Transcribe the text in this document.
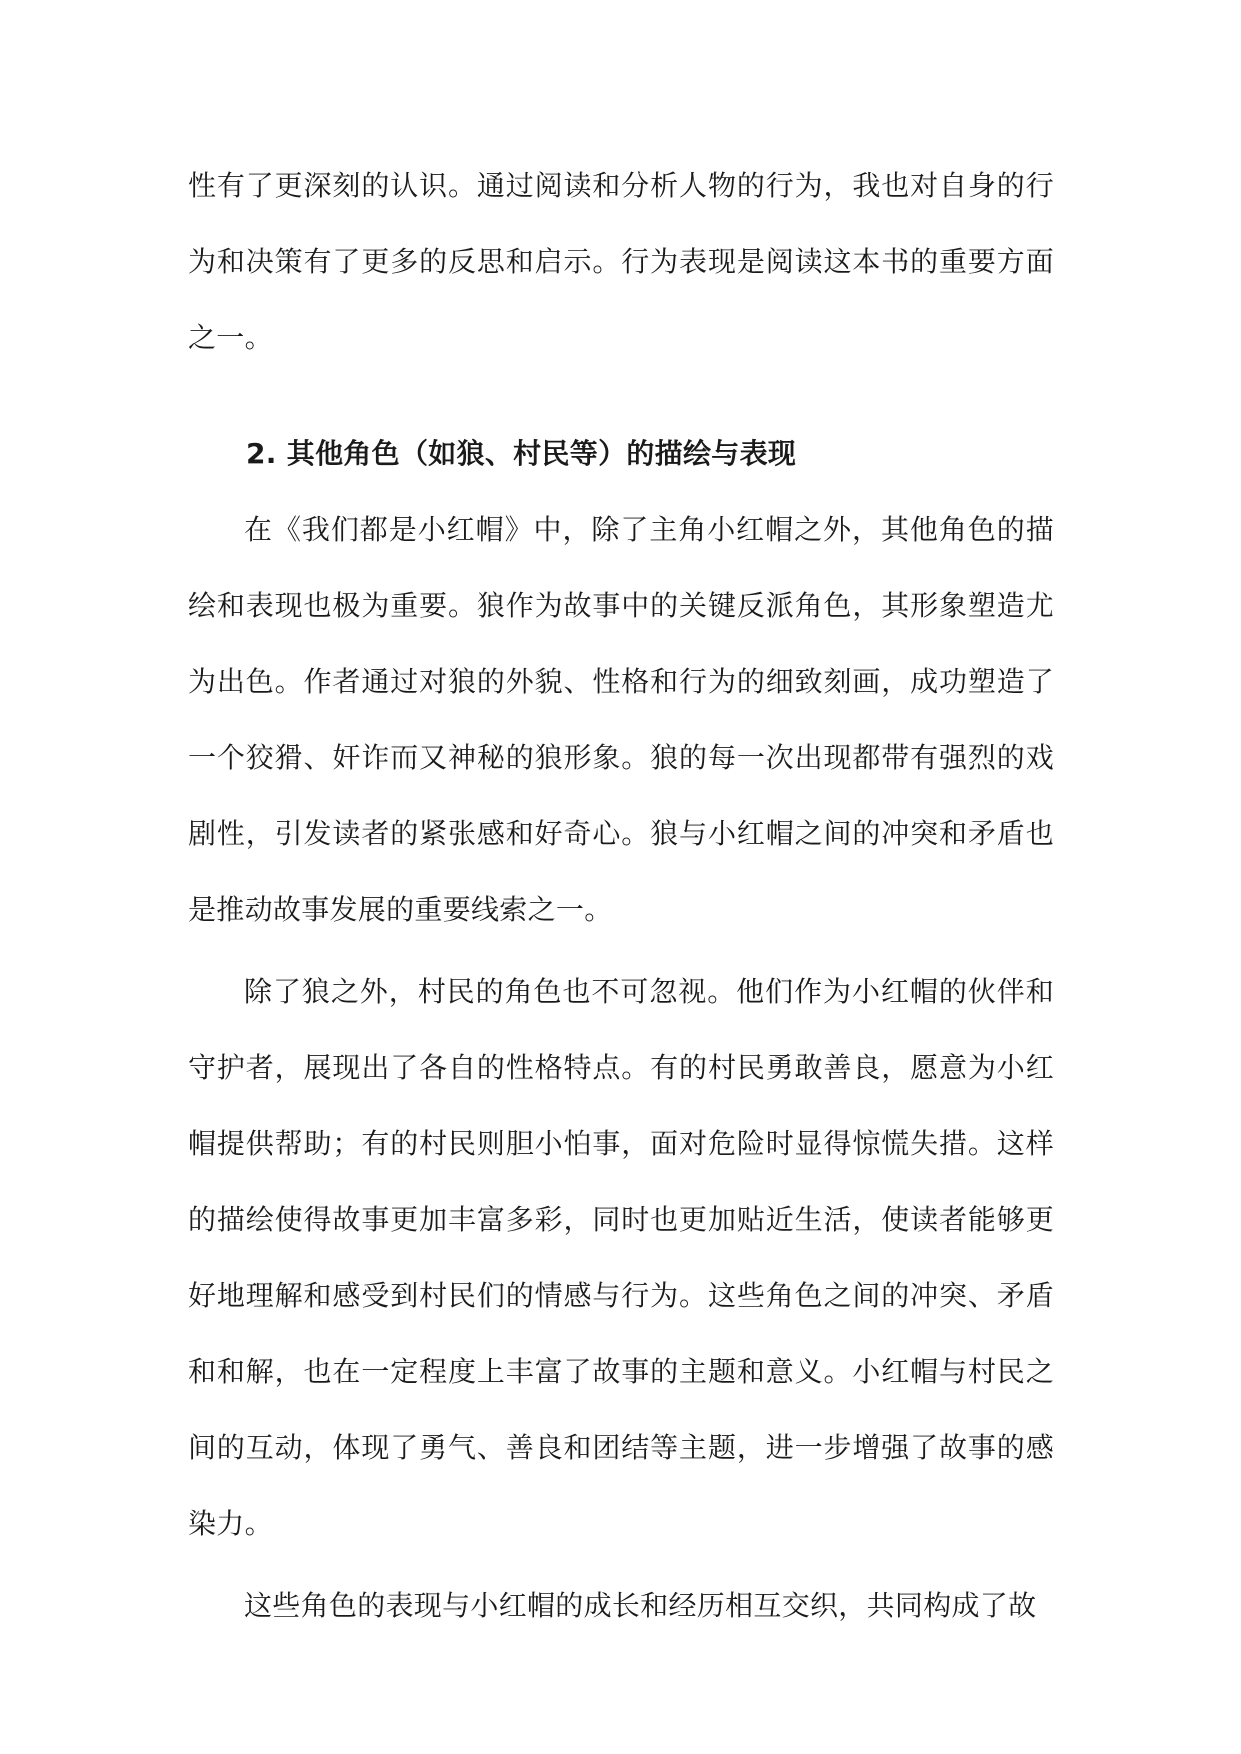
性有了更深刻的认识。通过阅读和分析人物的行为，我也对自身的行为和决策有了更多的反思和启示。行为表现是阅读这本书的重要方面之一。

2. 其他角色（如狼、村民等）的描绘与表现

在《我们都是小红帽》中，除了主角小红帽之外，其他角色的描绘和表现也极为重要。狼作为故事中的关键反派角色，其形象塑造尤为出色。作者通过对狼的外貌、性格和行为的细致刻画，成功塑造了一个狡猾、奸诈而又神秘的狼形象。狼的每一次出现都带有强烈的戏剧性，引发读者的紧张感和好奇心。狼与小红帽之间的冲突和矛盾也是推动故事发展的重要线索之一。

除了狼之外，村民的角色也不可忽视。他们作为小红帽的伙伴和守护者，展现出了各自的性格特点。有的村民勇敢善良，愿意为小红帽提供帮助；有的村民则胆小怕事，面对危险时显得惊慌失措。这样的描绘使得故事更加丰富多彩，同时也更加贴近生活，使读者能够更好地理解和感受到村民们的情感与行为。这些角色之间的冲突、矛盾和和解，也在一定程度上丰富了故事的主题和意义。小红帽与村民之间的互动，体现了勇气、善良和团结等主题，进一步增强了故事的感染力。

这些角色的表现与小红帽的成长和经历相互交织，共同构成了故
